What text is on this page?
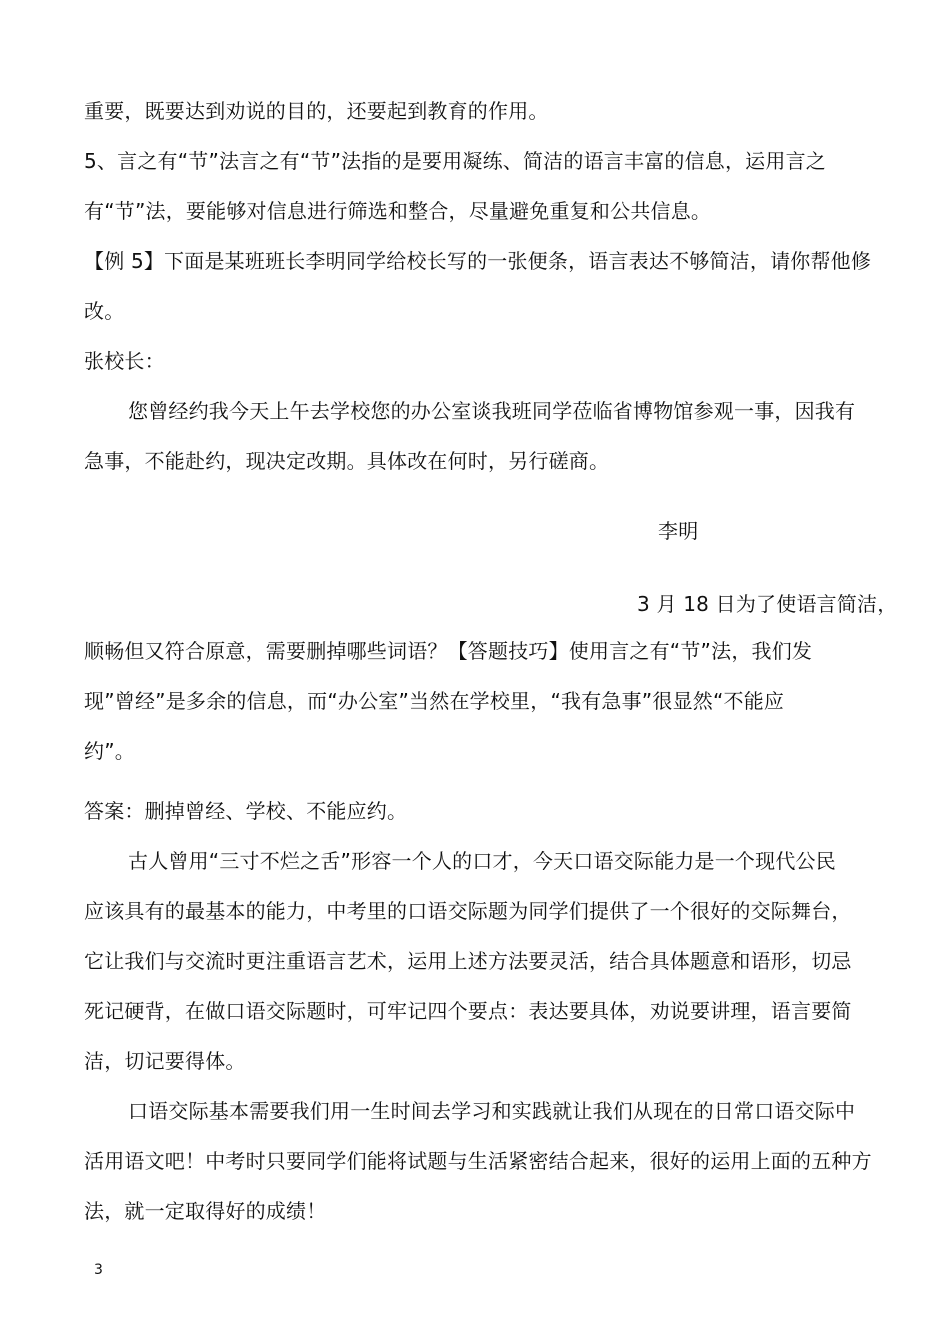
重要，既要达到劝说的目的，还要起到教育的作用。
5、言之有“节”法言之有“节”法指的是要用凝练、简洁的语言丰富的信息，运用言之
有“节”法，要能够对信息进行筛选和整合，尽量避免重复和公共信息。
【例 5】下面是某班班长李明同学给校长写的一张便条，语言表达不够简洁，请你帮他修
改。
张校长：
您曾经约我今天上午去学校您的办公室谈我班同学莅临省博物馆参观一事，因我有
急事，不能赴约，现决定改期。具体改在何时，另行磋商。
李明
3 月 18 日为了使语言简洁，
顺畅但又符合原意，需要删掉哪些词语？【答题技巧】使用言之有“节”法，我们发
现”曾经”是多余的信息，而“办公室”当然在学校里，“我有急事”很显然“不能应
约”。
答案：删掉曾经、学校、不能应约。
古人曾用“三寸不烂之舌”形容一个人的口才，今天口语交际能力是一个现代公民
应该具有的最基本的能力，中考里的口语交际题为同学们提供了一个很好的交际舞台，
它让我们与交流时更注重语言艺术，运用上述方法要灵活，结合具体题意和语形，切忌
死记硬背，在做口语交际题时，可牢记四个要点：表达要具体，劝说要讲理，语言要简
洁，切记要得体。
口语交际基本需要我们用一生时间去学习和实践就让我们从现在的日常口语交际中
活用语文吧！中考时只要同学们能将试题与生活紧密结合起来，很好的运用上面的五种方
法，就一定取得好的成绩！
3
